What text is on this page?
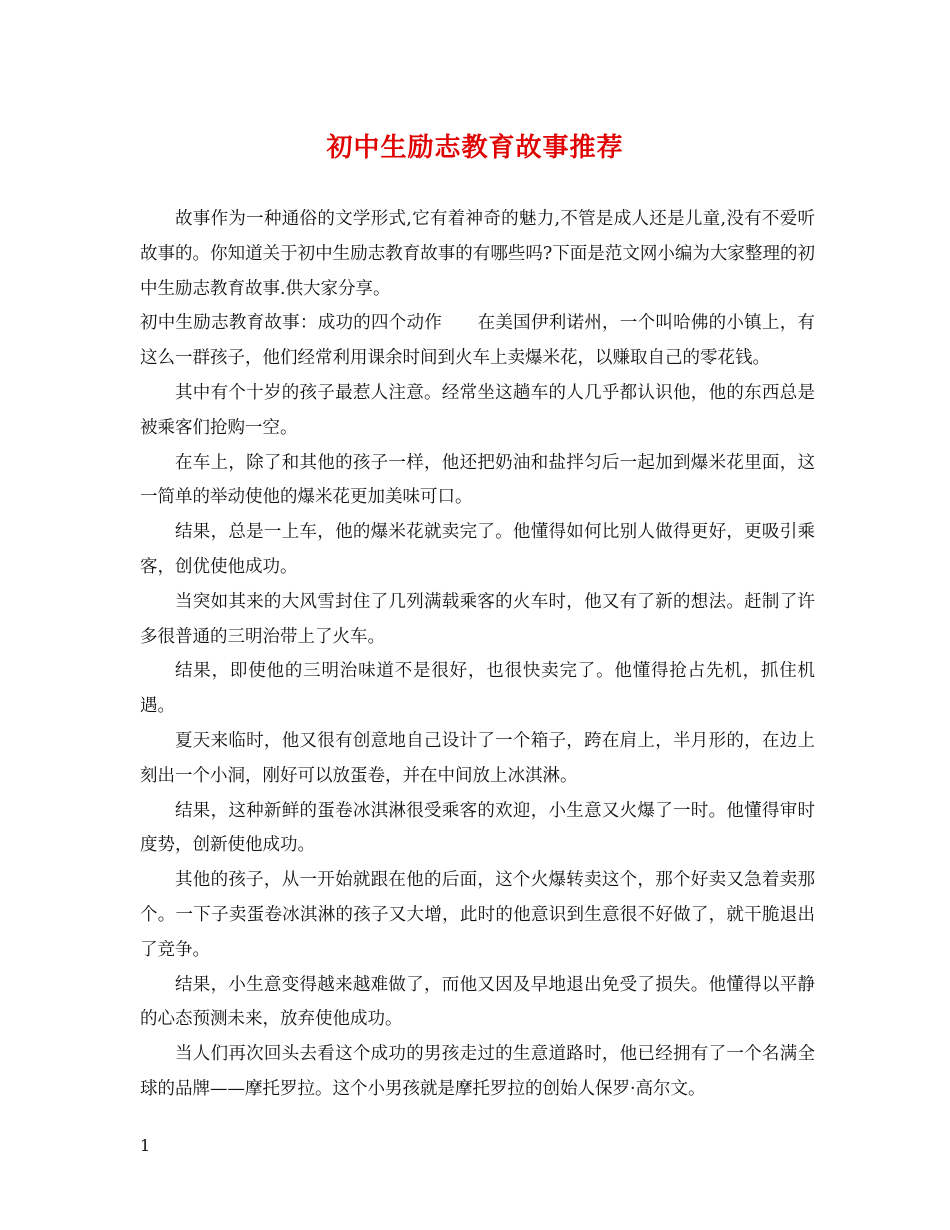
初中生励志教育故事推荐

故事作为一种通俗的文学形式,它有着神奇的魅力,不管是成人还是儿童,没有不爱听故事的。你知道关于初中生励志教育故事的有哪些吗?下面是范文网小编为大家整理的初中生励志教育故事.供大家分享。

初中生励志教育故事：成功的四个动作　　在美国伊利诺州，一个叫哈佛的小镇上，有这么一群孩子，他们经常利用课余时间到火车上卖爆米花，以赚取自己的零花钱。

其中有个十岁的孩子最惹人注意。经常坐这趟车的人几乎都认识他，他的东西总是被乘客们抢购一空。

在车上，除了和其他的孩子一样，他还把奶油和盐拌匀后一起加到爆米花里面，这一简单的举动使他的爆米花更加美味可口。

结果，总是一上车，他的爆米花就卖完了。他懂得如何比别人做得更好，更吸引乘客，创优使他成功。

当突如其来的大风雪封住了几列满载乘客的火车时，他又有了新的想法。赶制了许多很普通的三明治带上了火车。

结果，即使他的三明治味道不是很好，也很快卖完了。他懂得抢占先机，抓住机遇。

夏天来临时，他又很有创意地自己设计了一个箱子，跨在肩上，半月形的，在边上刻出一个小洞，刚好可以放蛋卷，并在中间放上冰淇淋。

结果，这种新鲜的蛋卷冰淇淋很受乘客的欢迎，小生意又火爆了一时。他懂得审时度势，创新使他成功。

其他的孩子，从一开始就跟在他的后面，这个火爆转卖这个，那个好卖又急着卖那个。一下子卖蛋卷冰淇淋的孩子又大增，此时的他意识到生意很不好做了，就干脆退出了竞争。

结果，小生意变得越来越难做了，而他又因及早地退出免受了损失。他懂得以平静的心态预测未来，放弃使他成功。

当人们再次回头去看这个成功的男孩走过的生意道路时，他已经拥有了一个名满全球的品牌——摩托罗拉。这个小男孩就是摩托罗拉的创始人保罗·高尔文。

1
